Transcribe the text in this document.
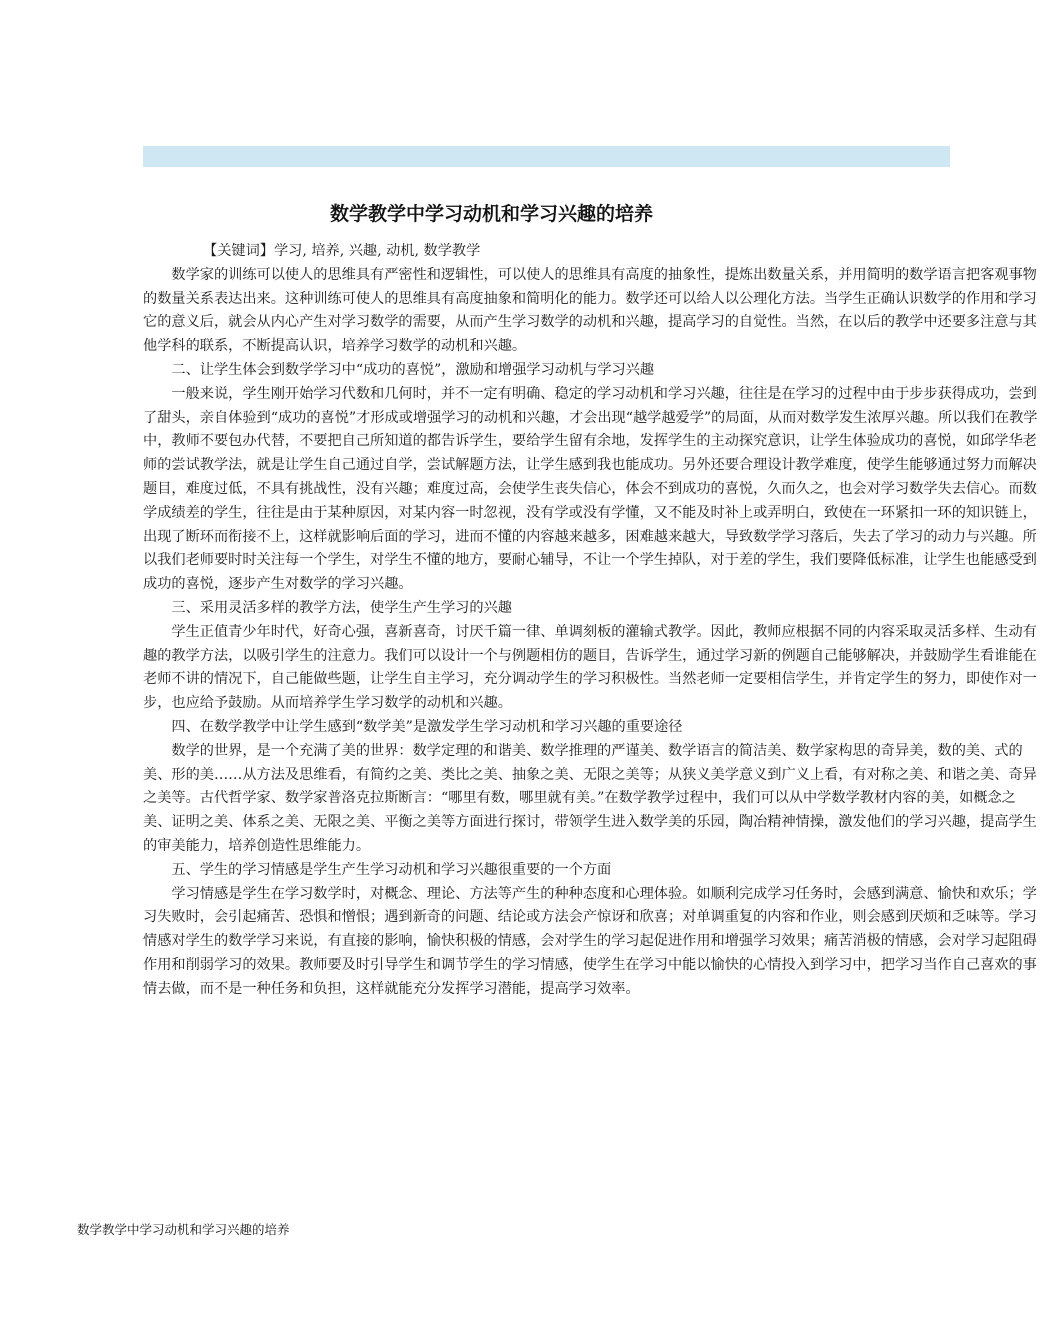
数学教学中学习动机和学习兴趣的培养

【关键词】学习, 培养, 兴趣, 动机, 数学教学

数学家的训练可以使人的思维具有严密性和逻辑性，可以使人的思维具有高度的抽象性，提炼出数量关系，并用简明的数学语言把客观事物的数量关系表达出来。这种训练可使人的思维具有高度抽象和简明化的能力。数学还可以给人以公理化方法。当学生正确认识数学的作用和学习它的意义后，就会从内心产生对学习数学的需要，从而产生学习数学的动机和兴趣，提高学习的自觉性。当然，在以后的教学中还要多注意与其他学科的联系，不断提高认识，培养学习数学的动机和兴趣。

二、让学生体会到数学学习中“成功的喜悦”，激励和增强学习动机与学习兴趣

一般来说，学生刚开始学习代数和几何时，并不一定有明确、稳定的学习动机和学习兴趣，往往是在学习的过程中由于步步获得成功，尝到了甜头，亲自体验到“成功的喜悦”才形成或增强学习的动机和兴趣，才会出现“越学越爱学”的局面，从而对数学发生浓厚兴趣。所以我们在教学中，教师不要包办代替，不要把自己所知道的都告诉学生，要给学生留有余地，发挥学生的主动探究意识，让学生体验成功的喜悦，如邱学华老师的尝试教学法，就是让学生自己通过自学，尝试解题方法，让学生感到我也能成功。另外还要合理设计教学难度，使学生能够通过努力而解决题目，难度过低，不具有挑战性，没有兴趣；难度过高，会使学生丧失信心，体会不到成功的喜悦，久而久之，也会对学习数学失去信心。而数学成绩差的学生，往往是由于某种原因，对某内容一时忽视，没有学或没有学懂，又不能及时补上或弄明白，致使在一环紧扣一环的知识链上，出现了断环而衔接不上，这样就影响后面的学习，进而不懂的内容越来越多，困难越来越大，导致数学学习落后，失去了学习的动力与兴趣。所以我们老师要时时关注每一个学生，对学生不懂的地方，要耐心辅导，不让一个学生掉队，对于差的学生，我们要降低标准，让学生也能感受到成功的喜悦，逐步产生对数学的学习兴趣。

三、采用灵活多样的教学方法，使学生产生学习的兴趣

学生正值青少年时代，好奇心强，喜新喜奇，讨厌千篇一律、单调刻板的灌输式教学。因此，教师应根据不同的内容采取灵活多样、生动有趣的教学方法，以吸引学生的注意力。我们可以设计一个与例题相仿的题目，告诉学生，通过学习新的例题自己能够解决，并鼓励学生看谁能在老师不讲的情况下，自己能做些题，让学生自主学习，充分调动学生的学习积极性。当然老师一定要相信学生，并肯定学生的努力，即使作对一步，也应给予鼓励。从而培养学生学习数学的动机和兴趣。

四、在数学教学中让学生感到“数学美”是激发学生学习动机和学习兴趣的重要途径

数学的世界，是一个充满了美的世界：数学定理的和谐美、数学推理的严谨美、数学语言的简洁美、数学家构思的奇异美，数的美、式的美、形的美……从方法及思维看，有简约之美、类比之美、抽象之美、无限之美等；从狭义美学意义到广义上看，有对称之美、和谐之美、奇异之美等。古代哲学家、数学家普洛克拉斯断言：“哪里有数，哪里就有美。”在数学教学过程中，我们可以从中学数学教材内容的美，如概念之美、证明之美、体系之美、无限之美、平衡之美等方面进行探讨，带领学生进入数学美的乐园，陶冶精神情操，激发他们的学习兴趣，提高学生的审美能力，培养创造性思维能力。

五、学生的学习情感是学生产生学习动机和学习兴趣很重要的一个方面

学习情感是学生在学习数学时，对概念、理论、方法等产生的种种态度和心理体验。如顺利完成学习任务时，会感到满意、愉快和欢乐；学习失败时，会引起痛苦、恐惧和憎恨；遇到新奇的问题、结论或方法会产惊讶和欣喜；对单调重复的内容和作业，则会感到厌烦和乏味等。学习情感对学生的数学学习来说，有直接的影响，愉快积极的情感，会对学生的学习起促进作用和增强学习效果；痛苦消极的情感，会对学习起阻碍作用和削弱学习的效果。教师要及时引导学生和调节学生的学习情感，使学生在学习中能以愉快的心情投入到学习中，把学习当作自己喜欢的事情去做，而不是一种任务和负担，这样就能充分发挥学习潜能，提高学习效率。

数学教学中学习动机和学习兴趣的培养
